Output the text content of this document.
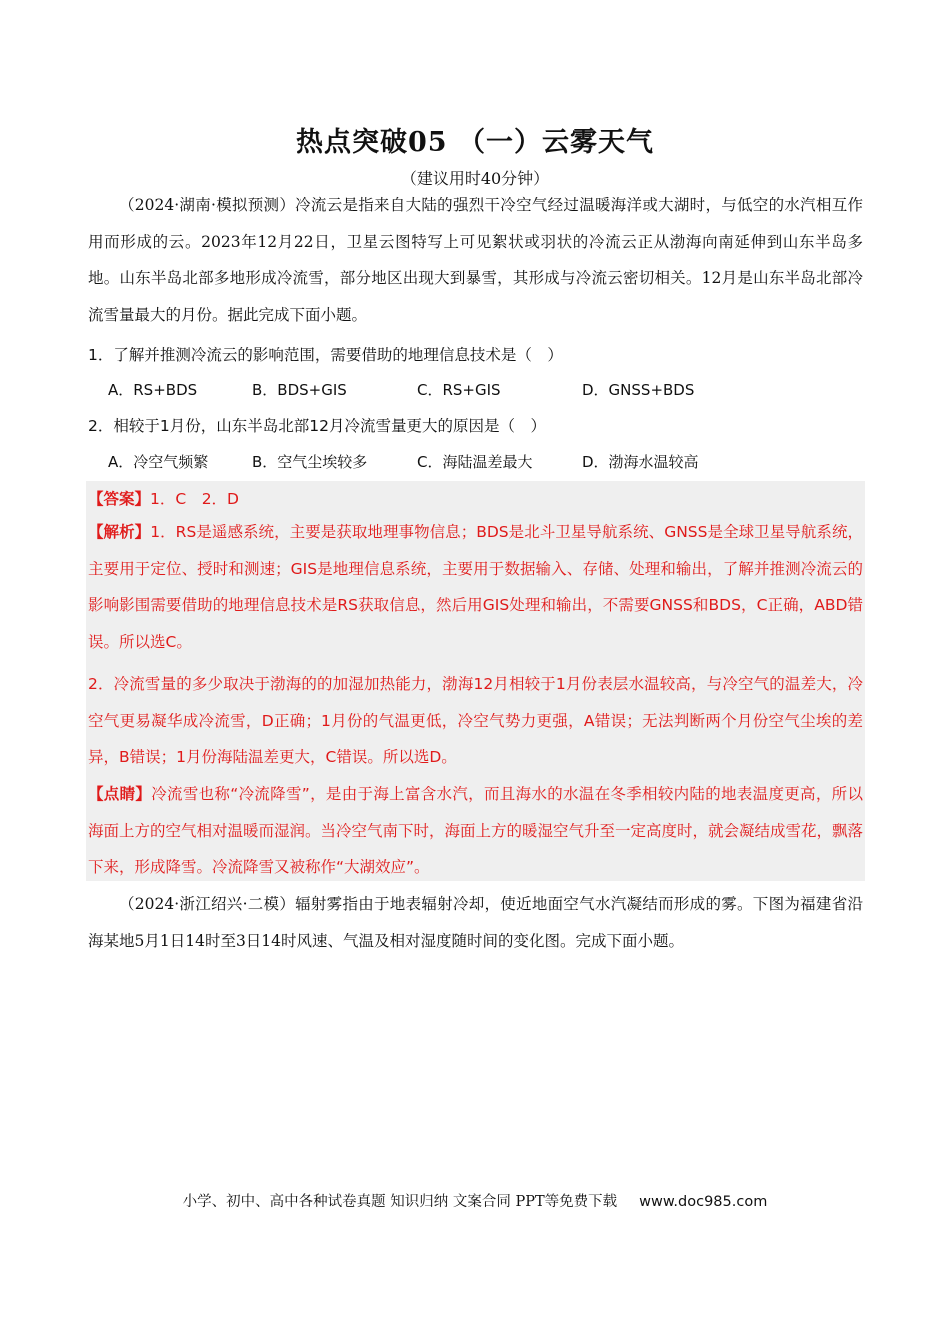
热点突破05 （一）云雾天气
（建议用时40分钟）
（2024·湖南·模拟预测）冷流云是指来自大陆的强烈干冷空气经过温暖海洋或大湖时，与低空的水汽相互作用而形成的云。2023年12月22日，卫星云图特写上可见絮状或羽状的冷流云正从渤海向南延伸到山东半岛多地。山东半岛北部多地形成冷流雪，部分地区出现大到暴雪，其形成与冷流云密切相关。12月是山东半岛北部冷流雪量最大的月份。据此完成下面小题。
1．了解并推测冷流云的影响范围，需要借助的地理信息技术是（　）
A．RS+BDS	B．BDS+GIS	C．RS+GIS	D．GNSS+BDS
2．相较于1月份，山东半岛北部12月冷流雪量更大的原因是（　）
A．冷空气频繁	B．空气尘埃较多	C．海陆温差最大	D．渤海水温较高
【答案】1．C　2．D
【解析】1．RS是遥感系统，主要是获取地理事物信息；BDS是北斗卫星导航系统、GNSS是全球卫星导航系统，主要用于定位、授时和测速；GIS是地理信息系统，主要用于数据输入、存储、处理和输出，了解并推测冷流云的影响影围需要借助的地理信息技术是RS获取信息，然后用GIS处理和输出，不需要GNSS和BDS，C正确，ABD错误。所以选C。
2．冷流雪量的多少取决于渤海的的加湿加热能力，渤海12月相较于1月份表层水温较高，与冷空气的温差大，冷空气更易凝华成冷流雪，D正确；1月份的气温更低，冷空气势力更强，A错误；无法判断两个月份空气尘埃的差异，B错误；1月份海陆温差更大，C错误。所以选D。
【点睛】冷流雪也称“冷流降雪”，是由于海上富含水汽，而且海水的水温在冬季相较内陆的地表温度更高，所以海面上方的空气相对温暖而湿润。当冷空气南下时，海面上方的暖湿空气升至一定高度时，就会凝结成雪花，飘落下来，形成降雪。冷流降雪又被称作“大湖效应”。
（2024·浙江绍兴·二模）辐射雾指由于地表辐射冷却，使近地面空气水汽凝结而形成的雾。下图为福建省沿海某地5月1日14时至3日14时风速、气温及相对湿度随时间的变化图。完成下面小题。
小学、初中、高中各种试卷真题 知识归纳 文案合同 PPT等免费下载 www.doc985.com
